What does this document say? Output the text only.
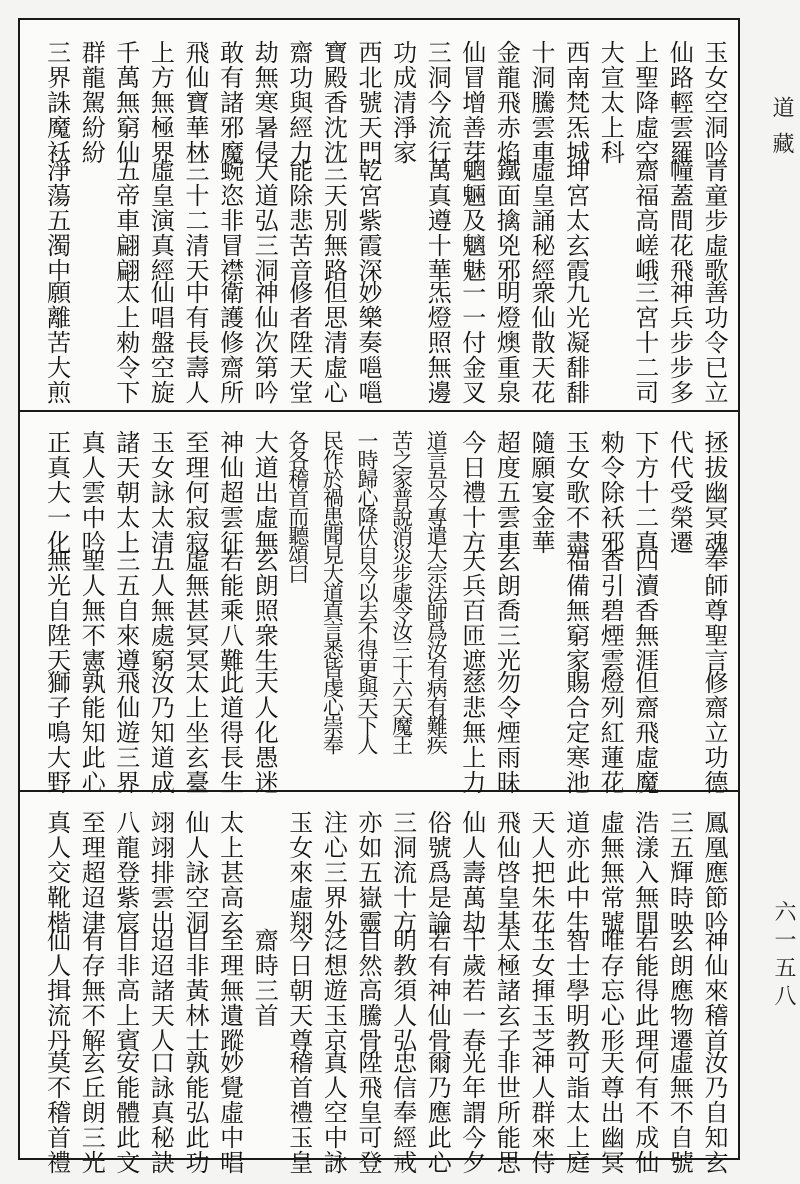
玉女空洞吟
青童步虛歌
善功令已立
仙路輕雲羅
幢蓋間花飛
神兵步步多
上聖降虛空
齋福高嵯峨
三宮十二司
大宣太上科
西南梵炁城
坤宮太玄霞
九光凝馡馡
十洞騰雲車
虛皇誦秘經
衆仙散天花
金龍飛赤焰
鐵面擒兇邪
明燈燠重泉
仙冒增善芽
魍魎及魑魅
一一付金叉
三洞今流行
萬真遵十華
炁燈照無邊
功成清淨家
西北號天門
乾宮紫霞深
妙樂奏嗈嗈
寶殿香沈沈
三天別無路
但思清虛心
齋功與經力
能除悲苦音
修者陞天堂
劫無寒暑侵
大道弘三洞
神仙次第吟
敢有諸邪魔
蜿恣非冒襟
衛護修齋所
飛仙寶華林
三十二清天
中有長壽人
上方無極界
虛皇演真經
仙唱盤空旋
千萬無窮仙
五帝車翩翩
太上勑令下
群龍駕紛紛
三界誅魔袄
淨蕩五濁中
願離苦大煎
拯拔幽冥魂
奉師尊聖言
修齋立功德
代代受榮遷
下方十二真
四瀆香無涯
但齋飛虛魔
勑令除袄邪
香引碧煙雲
燈列紅蓮花
玉女歌不盡
福備無窮家
賜合定寒池
隨願宴金華
超度五雲車
玄朗喬三光
勿令煙雨昧
今日禮十方
天兵百匝遮
慈悲無上力
道言吾今專遣大宗法師爲汝有病有難疾
苦之家普說消災步虛令汝三十六天魔王
一時歸心降伏自今以去不得更與天下人
民作於禍患聞見大道真言悉皆虔心崇奉
各各稽首而聽頌曰
大道出虛無
玄朗照衆生
天人化愚迷
神仙超雲征
若能乘八難
此道得長生
至理何寂寂
虛無甚冥冥
太上坐玄臺
玉女詠太清
五人無處窮
汝乃知道成
諸天朝太上
三五自來遵
飛仙遊三界
真人雲中吟
聖人無不憲
孰能知此心
正真大一化
無光自陞天
獅子鳴大野
鳳凰應節吟
神仙來稽首
汝乃自知玄
三五輝時映
玄朗應物遷
虛無不自號
浩漾入無間
若能得此理
何有不成仙
虛無無常號
唯存忘心形
天尊出幽冥
道亦此中生
智士學明教
可詣太上庭
天人把朱花
玉女揮玉芝
神人群來侍
飛仙啓皇基
太極諸玄子
非世所能思
仙人壽萬劫
千歲若一春
光年謂今夕
俗號爲是論
若有神仙骨
爾乃應此心
三洞流十方
明教須人弘
忠信奉經戒
亦如五嶽靈
自然高騰骨
陞飛皇可登
注心三界外
泛想遊玉京
真人空中詠
玉女來虛翔
今日朝天尊
稽首禮玉皇
齋時三首
太上甚高玄
至理無遺蹤
妙覺虛中唱
仙人詠空洞
自非黃林士
孰能弘此功
翊翊排雲出
迢迢諸天人
口詠真秘訣
八龍登紫宸
自非高上賓
安能體此文
至理超迢津
有存無不解
玄丘朗三光
真人交靴楷
仙人揖流丹
莫不稽首禮
道藏
六一五八
